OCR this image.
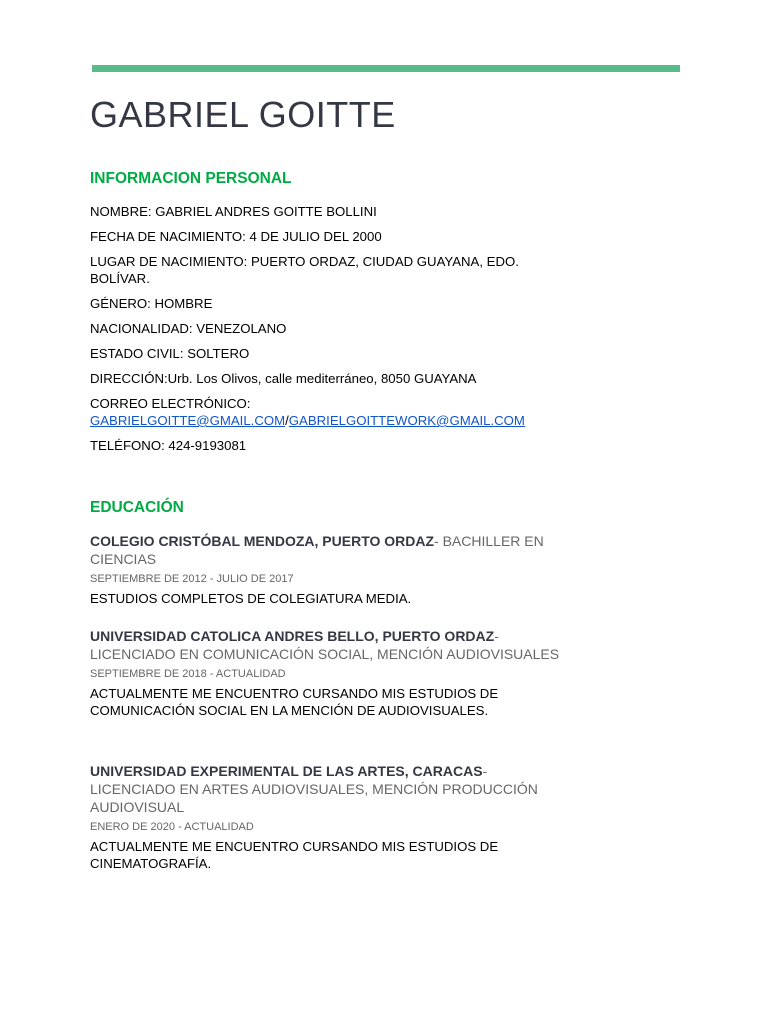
GABRIEL GOITTE
INFORMACION PERSONAL

NOMBRE: GABRIEL ANDRES GOITTE BOLLINI

FECHA DE NACIMIENTO: 4 DE JULIO DEL 2000

LUGAR DE NACIMIENTO: PUERTO ORDAZ, CIUDAD GUAYANA, EDO. BOLÍVAR.

GÉNERO: HOMBRE

NACIONALIDAD: VENEZOLANO

ESTADO CIVIL: SOLTERO

DIRECCIÓN:Urb. Los Olivos, calle mediterráneo, 8050 GUAYANA

CORREO ELECTRÓNICO:
GABRIELGOITTE@GMAIL.COM/GABRIELGOITTEWORK@GMAIL.COM

TELÉFONO: 424-9193081

EDUCACIÓN

COLEGIO CRISTÓBAL MENDOZA, PUERTO ORDAZ- BACHILLER EN CIENCIAS

SEPTIEMBRE DE 2012 - JULIO DE 2017

ESTUDIOS COMPLETOS DE COLEGIATURA MEDIA.

UNIVERSIDAD CATOLICA ANDRES BELLO, PUERTO ORDAZ- LICENCIADO EN COMUNICACIÓN SOCIAL, MENCIÓN AUDIOVISUALES

SEPTIEMBRE DE 2018 - ACTUALIDAD

ACTUALMENTE ME ENCUENTRO CURSANDO MIS ESTUDIOS DE COMUNICACIÓN SOCIAL EN LA MENCIÓN DE AUDIOVISUALES.

UNIVERSIDAD EXPERIMENTAL DE LAS ARTES, CARACAS- LICENCIADO EN ARTES AUDIOVISUALES, MENCIÓN PRODUCCIÓN AUDIOVISUAL

ENERO DE 2020 - ACTUALIDAD

ACTUALMENTE ME ENCUENTRO CURSANDO MIS ESTUDIOS DE CINEMATOGRAFÍA.
